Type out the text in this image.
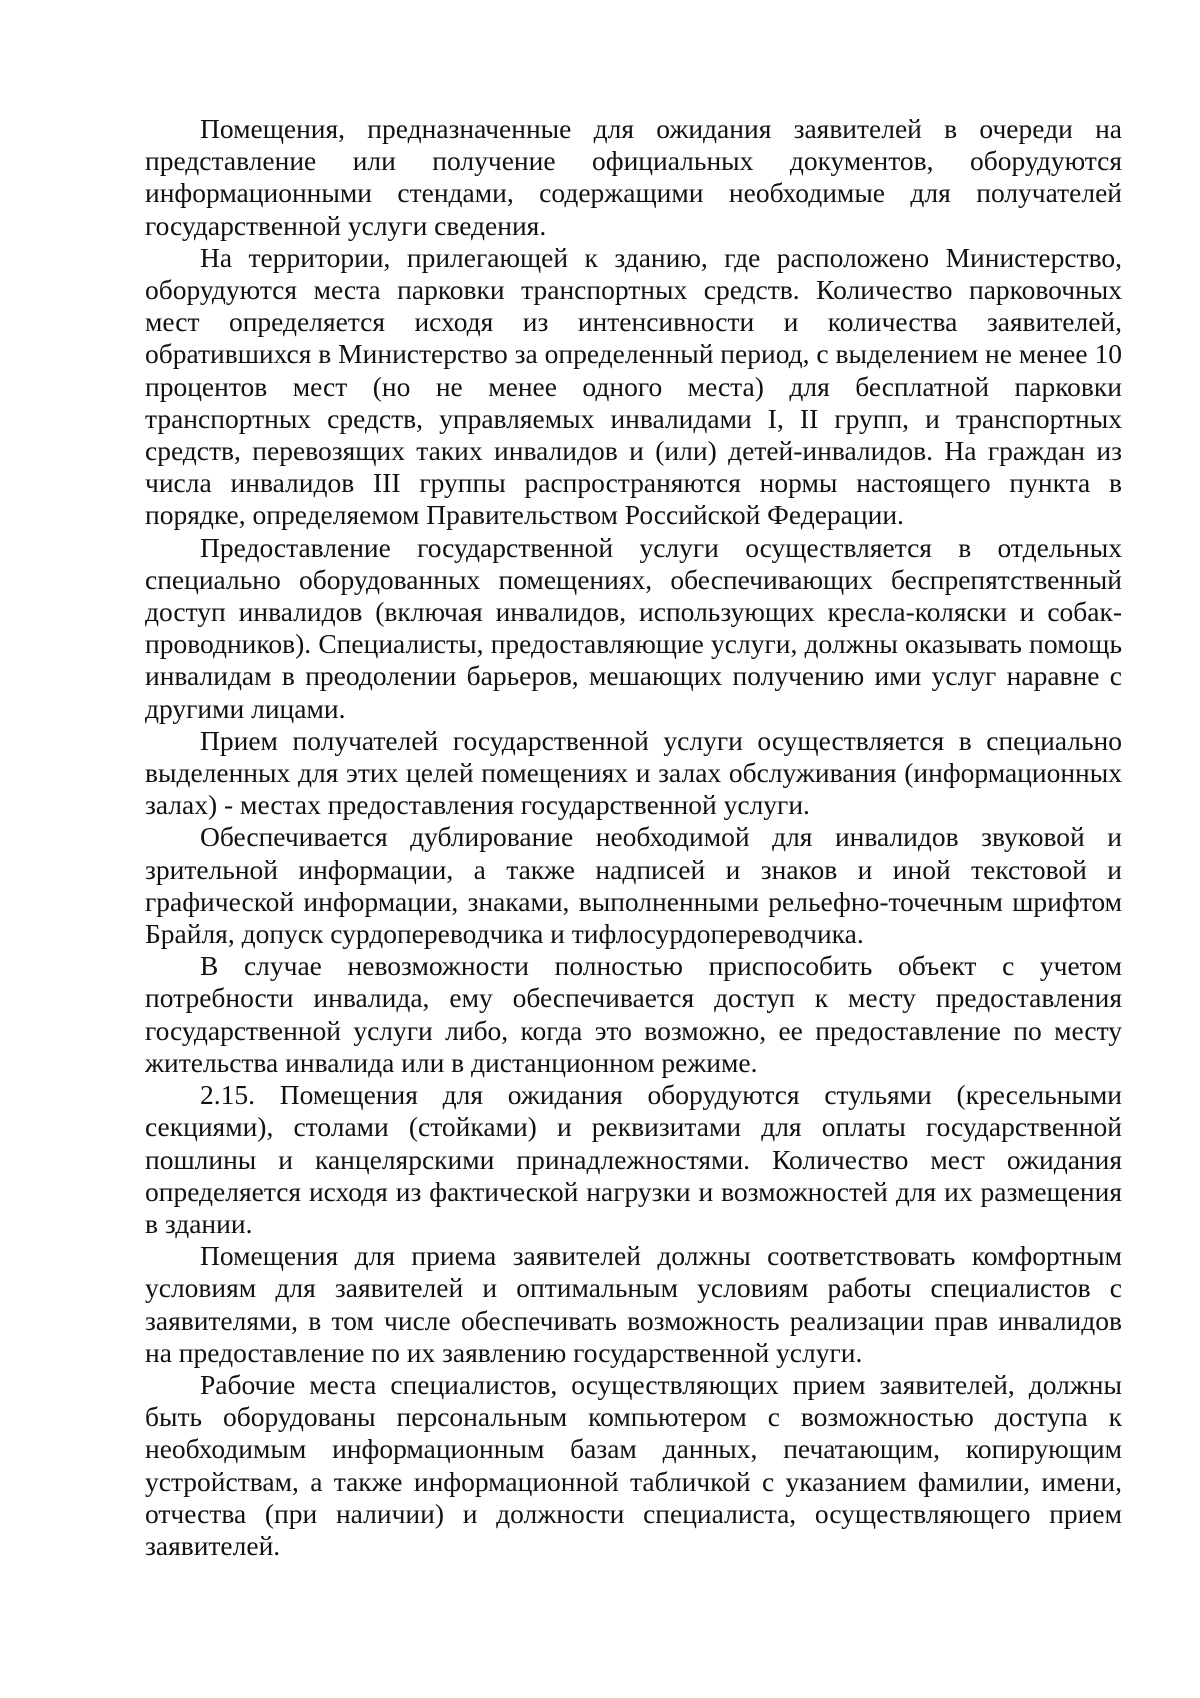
Помещения, предназначенные для ожидания заявителей в очереди на представление или получение официальных документов, оборудуются информационными стендами, содержащими необходимые для получателей государственной услуги сведения.

На территории, прилегающей к зданию, где расположено Министерство, оборудуются места парковки транспортных средств. Количество парковочных мест определяется исходя из интенсивности и количества заявителей, обратившихся в Министерство за определенный период, с выделением не менее 10 процентов мест (но не менее одного места) для бесплатной парковки транспортных средств, управляемых инвалидами I, II групп, и транспортных средств, перевозящих таких инвалидов и (или) детей-инвалидов. На граждан из числа инвалидов III группы распространяются нормы настоящего пункта в порядке, определяемом Правительством Российской Федерации.

Предоставление государственной услуги осуществляется в отдельных специально оборудованных помещениях, обеспечивающих беспрепятственный доступ инвалидов (включая инвалидов, использующих кресла-коляски и собак-проводников). Специалисты, предоставляющие услуги, должны оказывать помощь инвалидам в преодолении барьеров, мешающих получению ими услуг наравне с другими лицами.

Прием получателей государственной услуги осуществляется в специально выделенных для этих целей помещениях и залах обслуживания (информационных залах) - местах предоставления государственной услуги.

Обеспечивается дублирование необходимой для инвалидов звуковой и зрительной информации, а также надписей и знаков и иной текстовой и графической информации, знаками, выполненными рельефно-точечным шрифтом Брайля, допуск сурдопереводчика и тифлосурдопереводчика.

В случае невозможности полностью приспособить объект с учетом потребности инвалида, ему обеспечивается доступ к месту предоставления государственной услуги либо, когда это возможно, ее предоставление по месту жительства инвалида или в дистанционном режиме.

2.15. Помещения для ожидания оборудуются стульями (кресельными секциями), столами (стойками) и реквизитами для оплаты государственной пошлины и канцелярскими принадлежностями. Количество мест ожидания определяется исходя из фактической нагрузки и возможностей для их размещения в здании.

Помещения для приема заявителей должны соответствовать комфортным условиям для заявителей и оптимальным условиям работы специалистов с заявителями, в том числе обеспечивать возможность реализации прав инвалидов на предоставление по их заявлению государственной услуги.

Рабочие места специалистов, осуществляющих прием заявителей, должны быть оборудованы персональным компьютером с возможностью доступа к необходимым информационным базам данных, печатающим, копирующим устройствам, а также информационной табличкой с указанием фамилии, имени, отчества (при наличии) и должности специалиста, осуществляющего прием заявителей.
